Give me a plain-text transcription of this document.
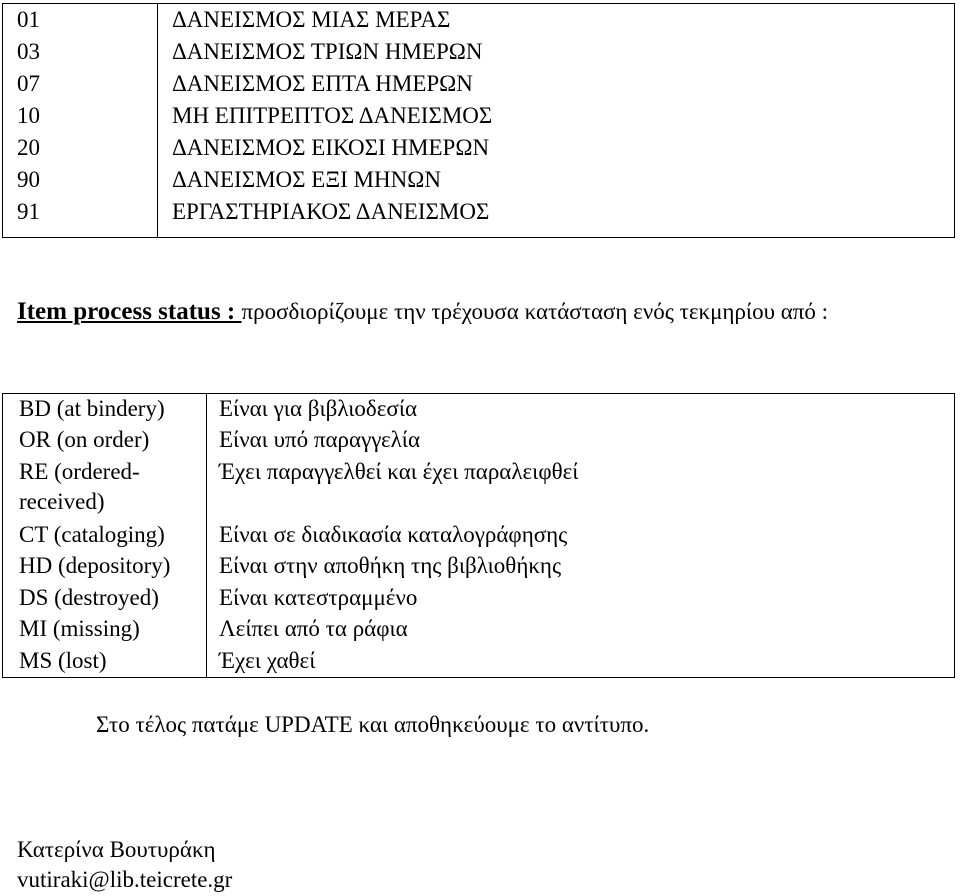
01	ΔΑΝΕΙΣΜΟΣ ΜΙΑΣ ΜΕΡΑΣ
03	ΔΑΝΕΙΣΜΟΣ ΤΡΙΩΝ ΗΜΕΡΩΝ
07	ΔΑΝΕΙΣΜΟΣ ΕΠΤΑ ΗΜΕΡΩΝ
10	ΜΗ ΕΠΙΤΡΕΠΤΟΣ ΔΑΝΕΙΣΜΟΣ
20	ΔΑΝΕΙΣΜΟΣ ΕΙΚΟΣΙ ΗΜΕΡΩΝ
90	ΔΑΝΕΙΣΜΟΣ ΕΞΙ ΜΗΝΩΝ
91	ΕΡΓΑΣΤΗΡΙΑΚΟΣ ΔΑΝΕΙΣΜΟΣ
Item process status : προσδιορίζουμε την τρέχουσα κατάσταση ενός τεκμηρίου από :
BD (at bindery)	Είναι για βιβλιοδεσία
OR (on order)	Είναι υπό παραγγελία
RE (ordered-received)	Έχει παραγγελθεί και έχει παραλειφθεί
CT (cataloging)	Είναι σε διαδικασία καταλογράφησης
HD (depository)	Είναι στην αποθήκη της βιβλιοθήκης
DS (destroyed)	Είναι κατεστραμμένο
MI (missing)	Λείπει από τα ράφια
MS (lost)	Έχει χαθεί
Στο τέλος πατάμε UPDATE και αποθηκεύουμε το αντίτυπο.
Κατερίνα Βουτυράκη
vutiraki@lib.teicrete.gr
